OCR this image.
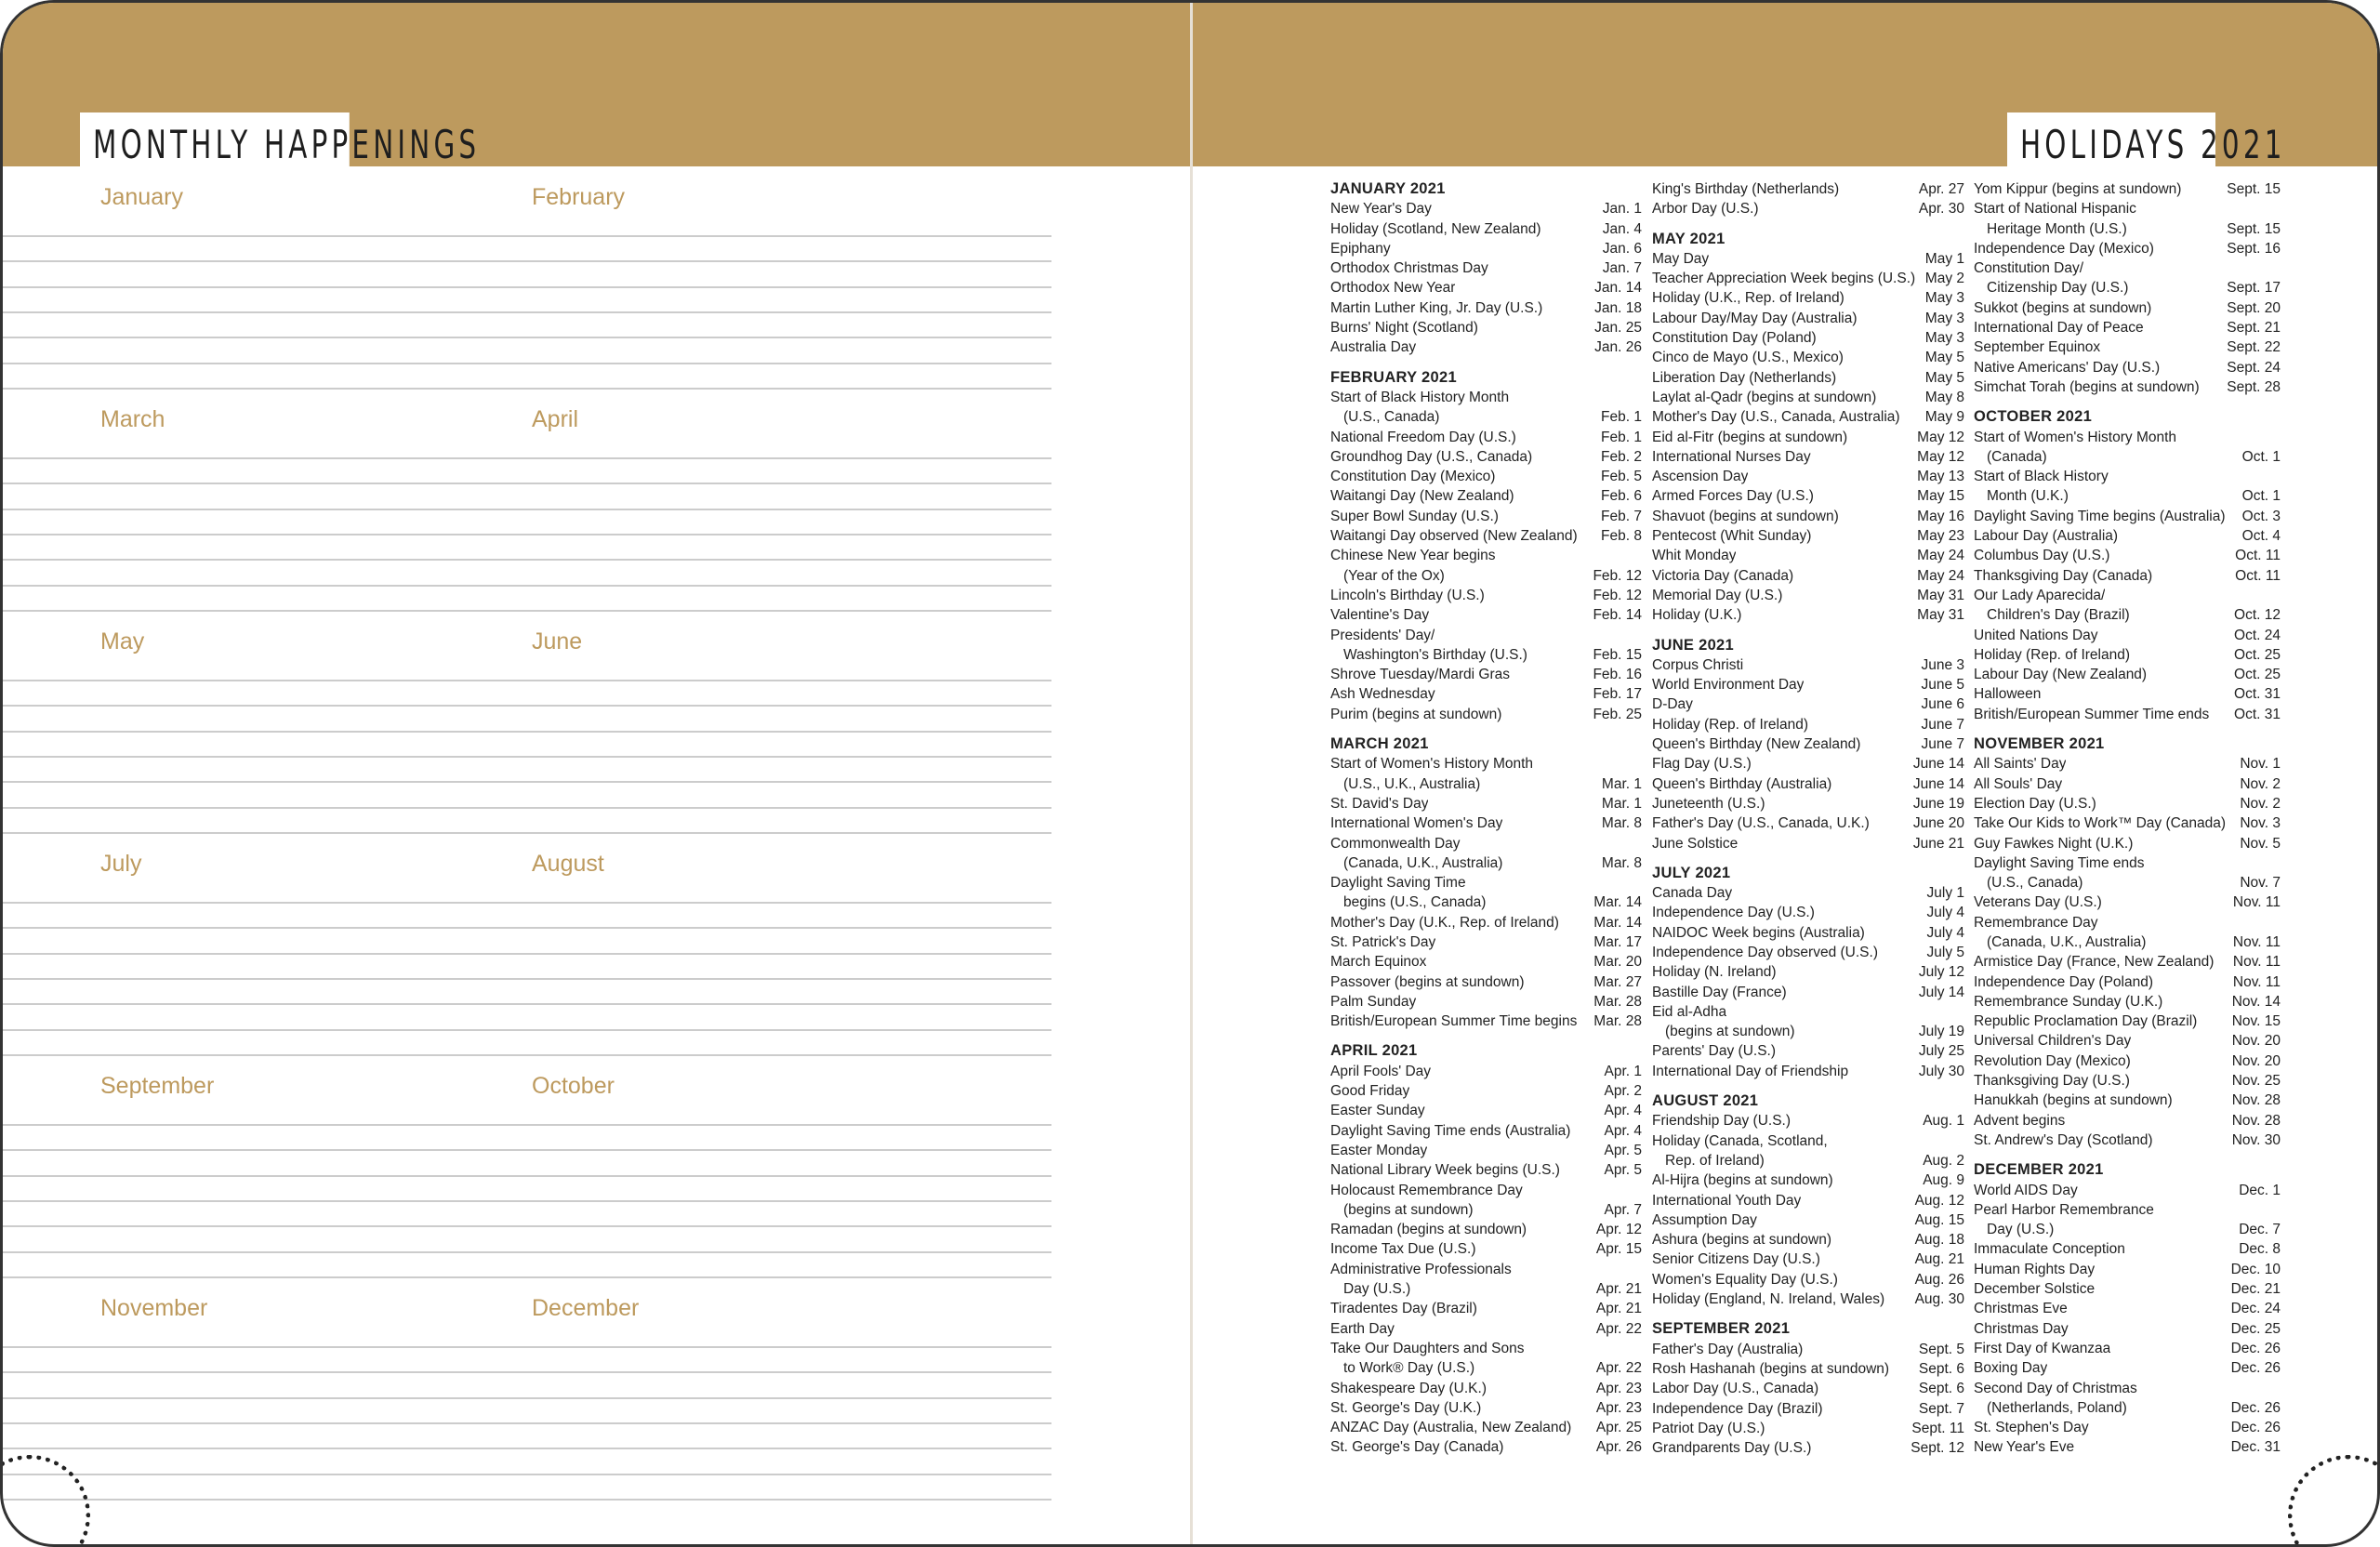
MONTHLY HAPPENINGS	HOLIDAYS 2021
January	February
March	April
May	June
July	August
September	October
November	December
JANUARY 2021
New Year's Day	Jan. 1
Holiday (Scotland, New Zealand)	Jan. 4
Epiphany	Jan. 6
Orthodox Christmas Day	Jan. 7
Orthodox New Year	Jan. 14
Martin Luther King, Jr. Day (U.S.)	Jan. 18
Burns' Night (Scotland)	Jan. 25
Australia Day	Jan. 26
FEBRUARY 2021
Start of Black History Month
(U.S., Canada)	Feb. 1
National Freedom Day (U.S.)	Feb. 1
Groundhog Day (U.S., Canada)	Feb. 2
Constitution Day (Mexico)	Feb. 5
Waitangi Day (New Zealand)	Feb. 6
Super Bowl Sunday (U.S.)	Feb. 7
Waitangi Day observed (New Zealand) Feb. 8
Chinese New Year begins
(Year of the Ox)	Feb. 12
Lincoln's Birthday (U.S.)	Feb. 12
Valentine's Day	Feb. 14
Presidents' Day/
Washington's Birthday (U.S.)	Feb. 15
Shrove Tuesday/Mardi Gras	Feb. 16
Ash Wednesday	Feb. 17
Purim (begins at sundown)	Feb. 25
MARCH 2021
Start of Women's History Month
(U.S., U.K., Australia)	Mar. 1
St. David's Day	Mar. 1
International Women's Day	Mar. 8
Commonwealth Day
(Canada, U.K., Australia)	Mar. 8
Daylight Saving Time
begins (U.S., Canada)	Mar. 14
Mother's Day (U.K., Rep. of Ireland) Mar. 14
St. Patrick's Day	Mar. 17
March Equinox	Mar. 20
Passover (begins at sundown)	Mar. 27
Palm Sunday	Mar. 28
British/European Summer Time begins Mar. 28
APRIL 2021
April Fools' Day	Apr. 1
Good Friday	Apr. 2
Easter Sunday	Apr. 4
Daylight Saving Time ends (Australia) Apr. 4
Easter Monday	Apr. 5
National Library Week begins (U.S.)	Apr. 5
Holocaust Remembrance Day
(begins at sundown)	Apr. 7
Ramadan (begins at sundown)	Apr. 12
Income Tax Due (U.S.)	Apr. 15
Administrative Professionals
Day (U.S.)	Apr. 21
Tiradentes Day (Brazil)	Apr. 21
Earth Day	Apr. 22
Take Our Daughters and Sons
to Work® Day (U.S.)	Apr. 22
Shakespeare Day (U.K.)	Apr. 23
St. George's Day (U.K.)	Apr. 23
ANZAC Day (Australia, New Zealand) Apr. 25
St. George's Day (Canada)	Apr. 26
King's Birthday (Netherlands)	Apr. 27
Arbor Day (U.S.)	Apr. 30
MAY 2021
May Day	May 1
Teacher Appreciation Week begins (U.S.) May 2
Holiday (U.K., Rep. of Ireland)	May 3
Labour Day/May Day (Australia)	May 3
Constitution Day (Poland)	May 3
Cinco de Mayo (U.S., Mexico)	May 5
Liberation Day (Netherlands)	May 5
Laylat al-Qadr (begins at sundown)	May 8
Mother's Day (U.S., Canada, Australia) May 9
Eid al-Fitr (begins at sundown)	May 12
International Nurses Day	May 12
Ascension Day	May 13
Armed Forces Day (U.S.)	May 15
Shavuot (begins at sundown)	May 16
Pentecost (Whit Sunday)	May 23
Whit Monday	May 24
Victoria Day (Canada)	May 24
Memorial Day (U.S.)	May 31
Holiday (U.K.)	May 31
JUNE 2021
Corpus Christi	June 3
World Environment Day	June 5
D-Day	June 6
Holiday (Rep. of Ireland)	June 7
Queen's Birthday (New Zealand)	June 7
Flag Day (U.S.)	June 14
Queen's Birthday (Australia)	June 14
Juneteenth (U.S.)	June 19
Father's Day (U.S., Canada, U.K.)	June 20
June Solstice	June 21
JULY 2021
Canada Day	July 1
Independence Day (U.S.)	July 4
NAIDOC Week begins (Australia)	July 4
Independence Day observed (U.S.)	July 5
Holiday (N. Ireland)	July 12
Bastille Day (France)	July 14
Eid al-Adha
(begins at sundown)	July 19
Parents' Day (U.S.)	July 25
International Day of Friendship	July 30
AUGUST 2021
Friendship Day (U.S.)	Aug. 1
Holiday (Canada, Scotland,
Rep. of Ireland)	Aug. 2
Al-Hijra (begins at sundown)	Aug. 9
International Youth Day	Aug. 12
Assumption Day	Aug. 15
Ashura (begins at sundown)	Aug. 18
Senior Citizens Day (U.S.)	Aug. 21
Women's Equality Day (U.S.)	Aug. 26
Holiday (England, N. Ireland, Wales) Aug. 30
SEPTEMBER 2021
Father's Day (Australia)	Sept. 5
Rosh Hashanah (begins at sundown) Sept. 6
Labor Day (U.S., Canada)	Sept. 6
Independence Day (Brazil)	Sept. 7
Patriot Day (U.S.)	Sept. 11
Grandparents Day (U.S.)	Sept. 12
Yom Kippur (begins at sundown)	Sept. 15
Start of National Hispanic
Heritage Month (U.S.)	Sept. 15
Independence Day (Mexico)	Sept. 16
Constitution Day/
Citizenship Day (U.S.)	Sept. 17
Sukkot (begins at sundown)	Sept. 20
International Day of Peace	Sept. 21
September Equinox	Sept. 22
Native Americans' Day (U.S.)	Sept. 24
Simchat Torah (begins at sundown) Sept. 28
OCTOBER 2021
Start of Women's History Month
(Canada)	Oct. 1
Start of Black History
Month (U.K.)	Oct. 1
Daylight Saving Time begins (Australia) Oct. 3
Labour Day (Australia)	Oct. 4
Columbus Day (U.S.)	Oct. 11
Thanksgiving Day (Canada)	Oct. 11
Our Lady Aparecida/
Children's Day (Brazil)	Oct. 12
United Nations Day	Oct. 24
Holiday (Rep. of Ireland)	Oct. 25
Labour Day (New Zealand)	Oct. 25
Halloween	Oct. 31
British/European Summer Time ends Oct. 31
NOVEMBER 2021
All Saints' Day	Nov. 1
All Souls' Day	Nov. 2
Election Day (U.S.)	Nov. 2
Take Our Kids to Work™ Day (Canada) Nov. 3
Guy Fawkes Night (U.K.)	Nov. 5
Daylight Saving Time ends
(U.S., Canada)	Nov. 7
Veterans Day (U.S.)	Nov. 11
Remembrance Day
(Canada, U.K., Australia)	Nov. 11
Armistice Day (France, New Zealand) Nov. 11
Independence Day (Poland)	Nov. 11
Remembrance Sunday (U.K.)	Nov. 14
Republic Proclamation Day (Brazil) Nov. 15
Universal Children's Day	Nov. 20
Revolution Day (Mexico)	Nov. 20
Thanksgiving Day (U.S.)	Nov. 25
Hanukkah (begins at sundown)	Nov. 28
Advent begins	Nov. 28
St. Andrew's Day (Scotland)	Nov. 30
DECEMBER 2021
World AIDS Day	Dec. 1
Pearl Harbor Remembrance
Day (U.S.)	Dec. 7
Immaculate Conception	Dec. 8
Human Rights Day	Dec. 10
December Solstice	Dec. 21
Christmas Eve	Dec. 24
Christmas Day	Dec. 25
First Day of Kwanzaa	Dec. 26
Boxing Day	Dec. 26
Second Day of Christmas
(Netherlands, Poland)	Dec. 26
St. Stephen's Day	Dec. 26
New Year's Eve	Dec. 31
